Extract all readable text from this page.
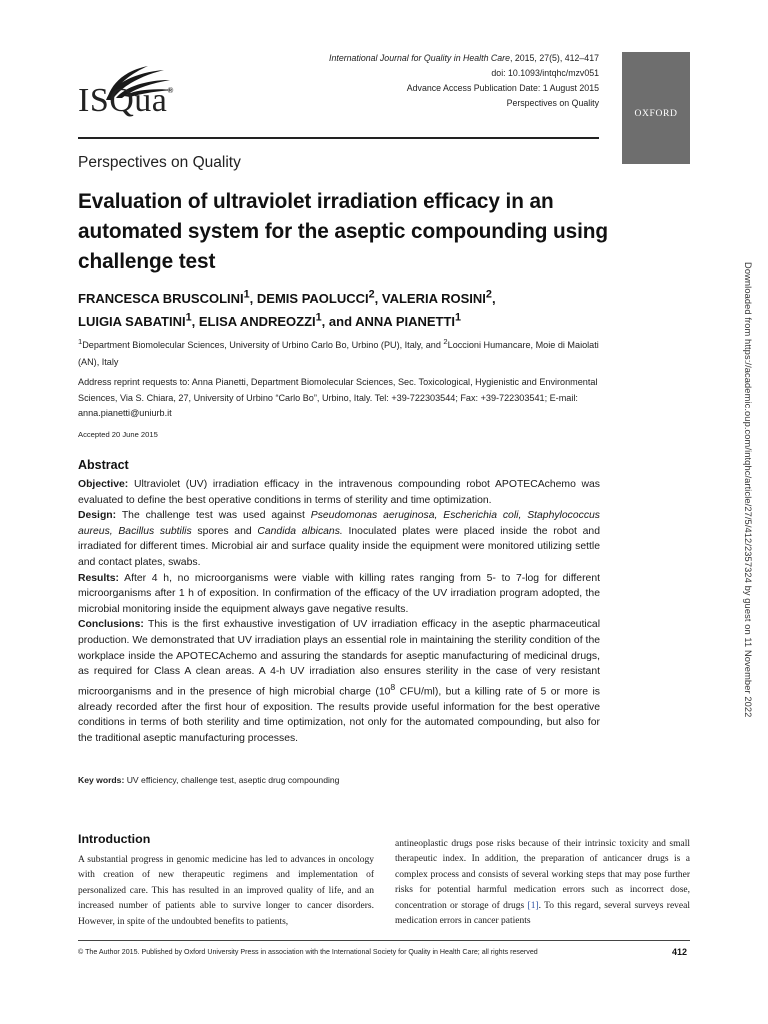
ISQua®
International Journal for Quality in Health Care, 2015, 27(5), 412–417
doi: 10.1093/intqhc/mzv051
Advance Access Publication Date: 1 August 2015
Perspectives on Quality
OXFORD
Perspectives on Quality
Evaluation of ultraviolet irradiation efficacy in an automated system for the aseptic compounding using challenge test
FRANCESCA BRUSCOLINI$^1$, DEMIS PAOLUCCI$^2$, VALERIA ROSINI$^2$,
LUIGIA SABATINI$^1$, ELISA ANDREOZZI$^1$, and ANNA PIANETTI$^1$
$^1$Department Biomolecular Sciences, University of Urbino Carlo Bo, Urbino (PU), Italy, and $^2$Loccioni Humancare, Moie di Maiolati (AN), Italy
Address reprint requests to: Anna Pianetti, Department Biomolecular Sciences, Sec. Toxicological, Hygienistic and Environmental Sciences, Via S. Chiara, 27, University of Urbino “Carlo Bo”, Urbino, Italy. Tel: +39-722303544; Fax: +39-722303541; E-mail: anna.pianetti@uniurb.it
Accepted 20 June 2015
Abstract

Objective: Ultraviolet (UV) irradiation efficacy in the intravenous compounding robot APOTECAchemo was evaluated to define the best operative conditions in terms of sterility and time optimization.

Design: The challenge test was used against Pseudomonas aeruginosa, Escherichia coli, Staphylococcus aureus, Bacillus subtilis spores and Candida albicans. Inoculated plates were placed inside the robot and irradiated for different times. Microbial air and surface quality inside the equipment were monitored utilizing settle and contact plates, swabs.

Results: After 4 h, no microorganisms were viable with killing rates ranging from 5- to 7-log for different microorganisms after 1 h of exposition. In confirmation of the efficacy of the UV irradiation program adopted, the microbial monitoring inside the equipment always gave negative results.

Conclusions: This is the first exhaustive investigation of UV irradiation efficacy in the aseptic pharmaceutical production. We demonstrated that UV irradiation plays an essential role in maintaining the sterility condition of the workplace inside the APOTECAchemo and assuring the standards for aseptic manufacturing of medicinal drugs, as required for Class A clean areas. A 4-h UV irradiation also ensures sterility in the case of very resistant microorganisms and in the presence of high microbial charge ($10^8$ CFU/ml), but a killing rate of 5 or more is already recorded after the first hour of exposition. The results provide useful information for the best operative conditions in terms of both sterility and time optimization, not only for the automated compounding, but also for the traditional aseptic manufacturing processes.

Key words: UV efficiency, challenge test, aseptic drug compounding
Introduction
A substantial progress in genomic medicine has led to advances in oncology with creation of new therapeutic regimens and implementation of personalized care. This has resulted in an improved quality of life, and an increased number of patients able to survive longer to cancer disorders. However, in spite of the undoubted benefits to patients,
antineoplastic drugs pose risks because of their intrinsic toxicity and small therapeutic index. In addition, the preparation of anticancer drugs is a complex process and consists of several working steps that may pose further risks for potential harmful medication errors such as incorrect dose, concentration or storage of drugs [1]. To this regard, several surveys reveal medication errors in cancer patients
© The Author 2015. Published by Oxford University Press in association with the International Society for Quality in Health Care; all rights reserved	412
Downloaded from https://academic.oup.com/intqhc/article/27/5/412/2357324 by guest on 11 November 2022
